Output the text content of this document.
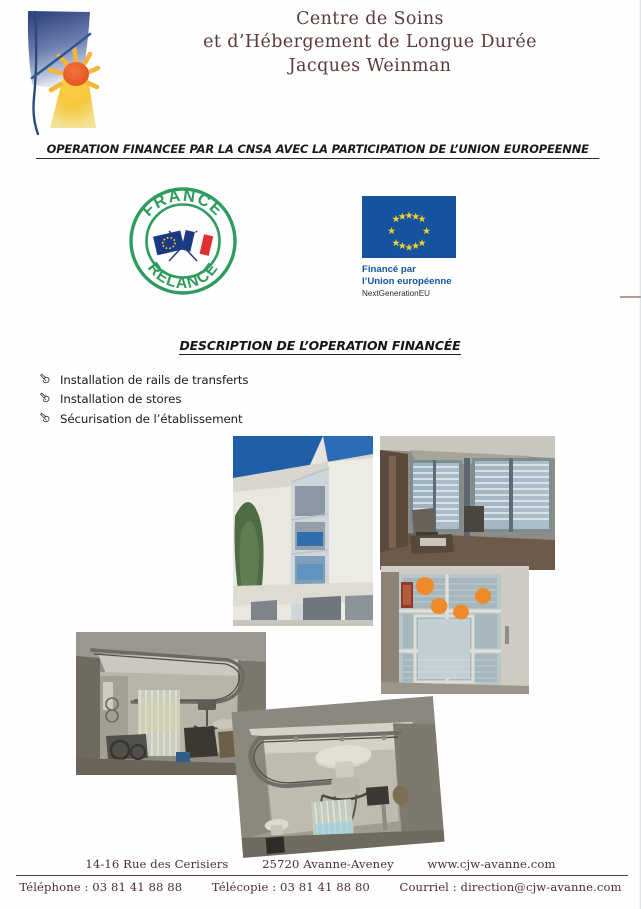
Centre de Soins
et d’Hébergement de Longue Durée
Jacques Weinman
OPERATION FINANCEE PAR LA CNSA AVEC LA PARTICIPATION DE L’UNION EUROPEENNE
FRANCE
RELANCE	Financé par
l’Union européenne
NextGenerationEU
DESCRIPTION DE L’OPERATION FINANCÉE
Installation de rails de transferts
Installation de stores
Sécurisation de l’établissement
14-16 Rue des Cerisiers	25720 Avanne-Aveney	www.cjw-avanne.com
Téléphone : 03 81 41 88 88	Télécopie : 03 81 41 88 80	Courriel : direction@cjw-avanne.com
